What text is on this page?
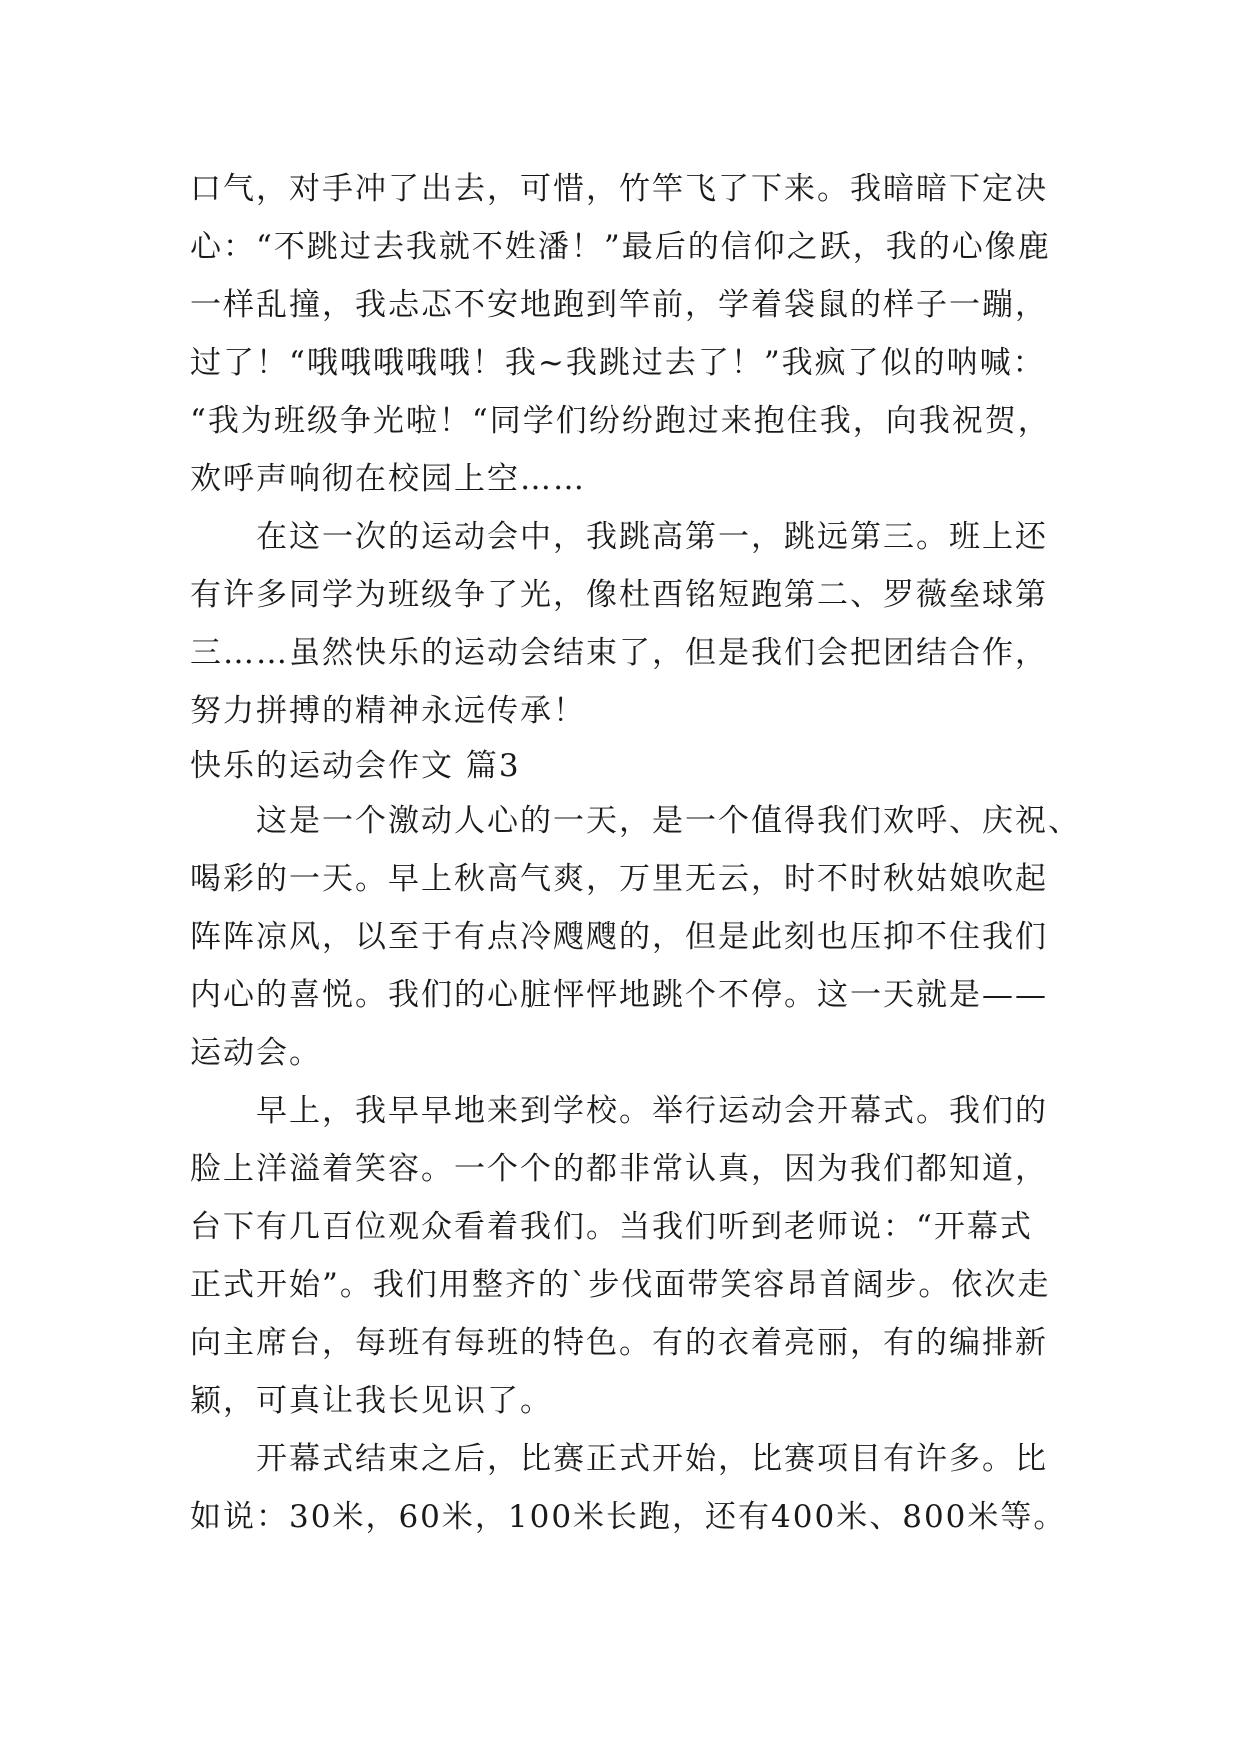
口气，对手冲了出去，可惜，竹竿飞了下来。我暗暗下定决
心：“不跳过去我就不姓潘！”最后的信仰之跃，我的心像鹿
一样乱撞，我忐忑不安地跑到竿前，学着袋鼠的样子一蹦，
过了！“哦哦哦哦哦！我~我跳过去了！”我疯了似的呐喊：
“我为班级争光啦！“同学们纷纷跑过来抱住我，向我祝贺，
欢呼声响彻在校园上空……
在这一次的运动会中，我跳高第一，跳远第三。班上还
有许多同学为班级争了光，像杜酉铭短跑第二、罗薇垒球第
三……虽然快乐的运动会结束了，但是我们会把团结合作，
努力拼搏的精神永远传承！
快乐的运动会作文 篇3
这是一个激动人心的一天，是一个值得我们欢呼、庆祝、
喝彩的一天。早上秋高气爽，万里无云，时不时秋姑娘吹起
阵阵凉风，以至于有点冷飕飕的，但是此刻也压抑不住我们
内心的喜悦。我们的心脏怦怦地跳个不停。这一天就是——
运动会。
早上，我早早地来到学校。举行运动会开幕式。我们的
脸上洋溢着笑容。一个个的都非常认真，因为我们都知道，
台下有几百位观众看着我们。当我们听到老师说：“开幕式
正式开始”。我们用整齐的`步伐面带笑容昂首阔步。依次走
向主席台，每班有每班的特色。有的衣着亮丽，有的编排新
颖，可真让我长见识了。
开幕式结束之后，比赛正式开始，比赛项目有许多。比
如说：30米，60米，100米长跑，还有400米、800米等。
